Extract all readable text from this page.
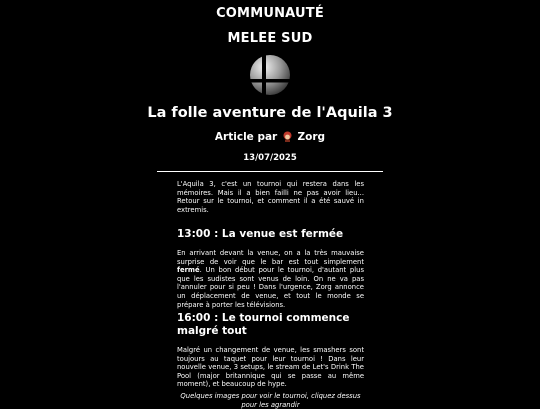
COMMUNAUTÉ
MELEE SUD
La folle aventure de l'Aquila 3
Article par Zorg
13/07/2025

L'Aquila 3, c'est un tournoi qui restera dans les mémoires. Mais il a bien failli ne pas avoir lieu... Retour sur le tournoi, et comment il a été sauvé in extremis.

13:00 : La venue est fermée

En arrivant devant la venue, on a la très mauvaise surprise de voir que le bar est tout simplement fermé. Un bon début pour le tournoi, d'autant plus que les sudistes sont venus de loin. On ne va pas l'annuler pour si peu ! Dans l'urgence, Zorg annonce un déplacement de venue, et tout le monde se prépare à porter les télévisions.

16:00 : Le tournoi commence malgré tout

Malgré un changement de venue, les smashers sont toujours au taquet pour leur tournoi ! Dans leur nouvelle venue, 3 setups, le stream de Let's Drink The Pool (major britannique qui se passe au même moment), et beaucoup de hype.

Quelques images pour voir le tournoi, cliquez dessus pour les agrandir
